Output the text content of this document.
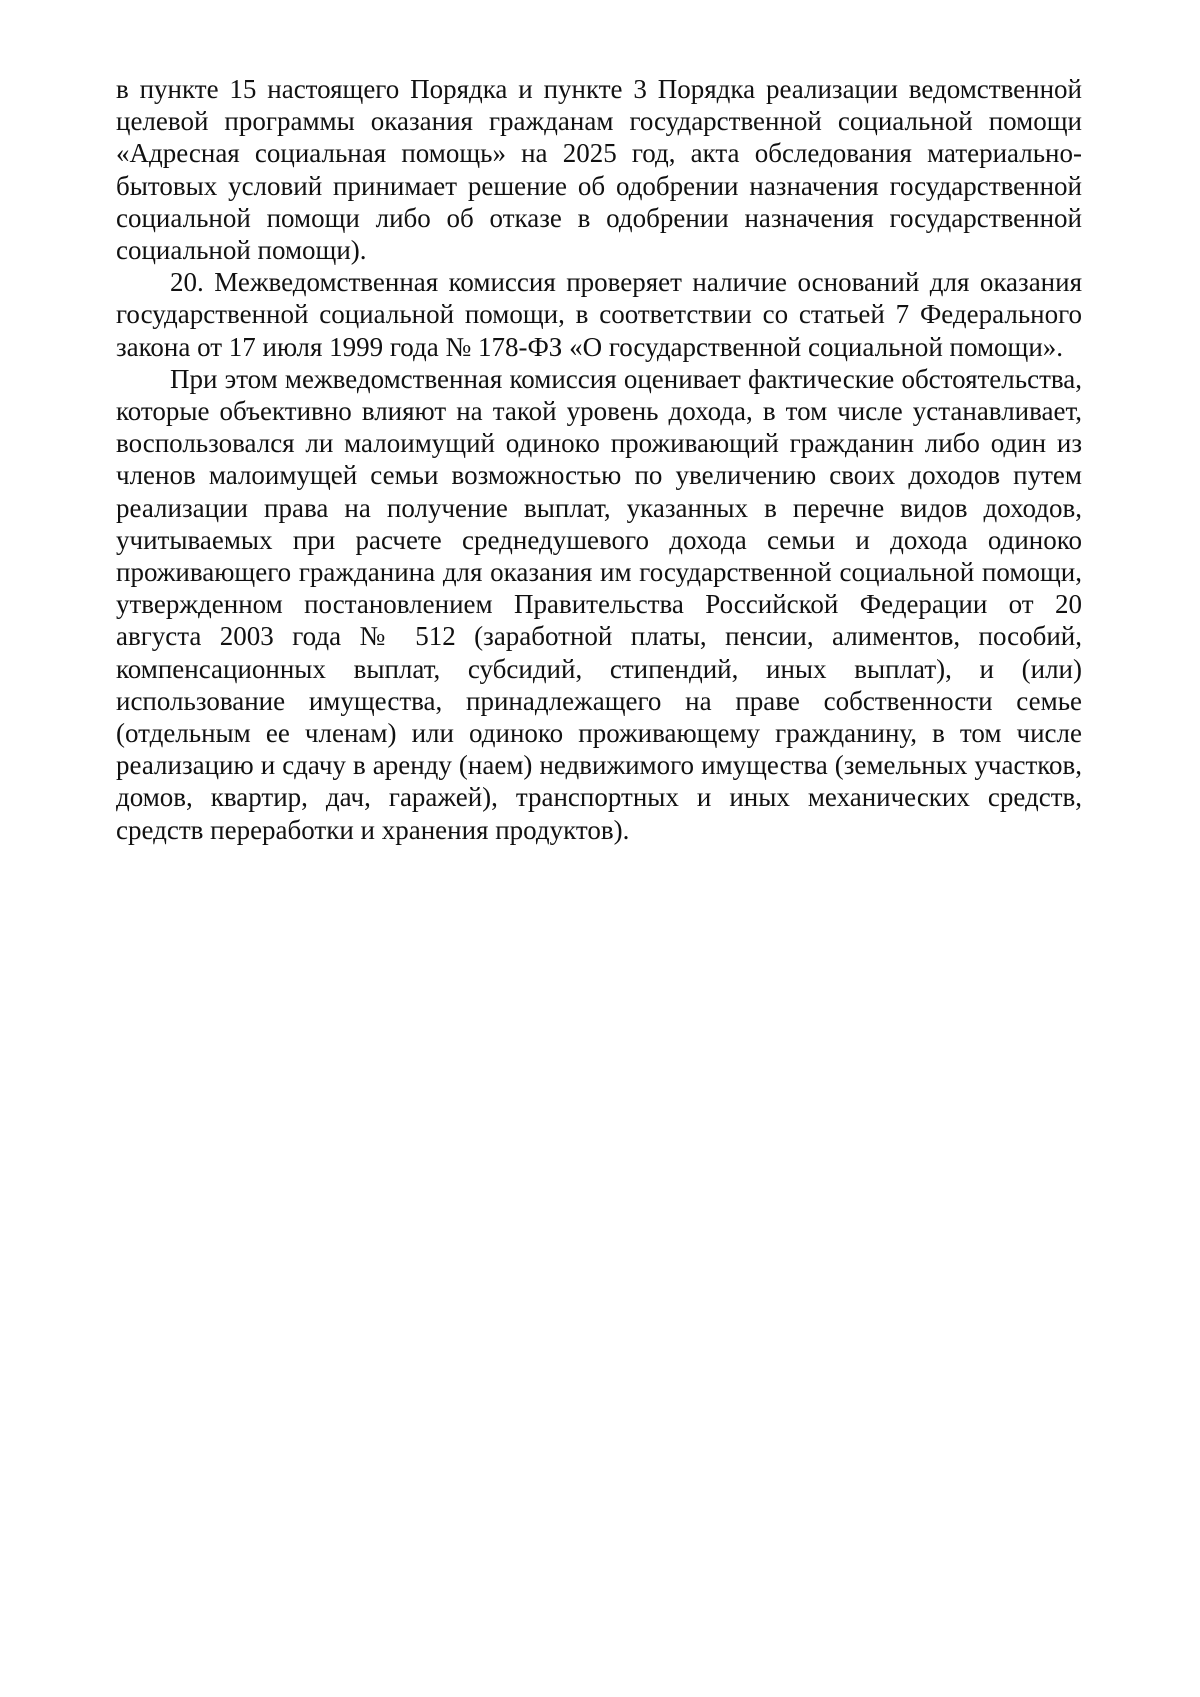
в пункте 15 настоящего Порядка и пункте 3 Порядка реализации ведомственной целевой программы оказания гражданам государственной социальной помощи «Адресная социальная помощь» на 2025 год, акта обследования материально-бытовых условий принимает решение об одобрении назначения государственной социальной помощи либо об отказе в одобрении назначения государственной социальной помощи).

20. Межведомственная комиссия проверяет наличие оснований для оказания государственной социальной помощи, в соответствии со статьей 7 Федерального закона от 17 июля 1999 года № 178-ФЗ «О государственной социальной помощи».

При этом межведомственная комиссия оценивает фактические обстоятельства, которые объективно влияют на такой уровень дохода, в том числе устанавливает, воспользовался ли малоимущий одиноко проживающий гражданин либо один из членов малоимущей семьи возможностью по увеличению своих доходов путем реализации права на получение выплат, указанных в перечне видов доходов, учитываемых при расчете среднедушевого дохода семьи и дохода одиноко проживающего гражданина для оказания им государственной социальной помощи, утвержденном постановлением Правительства Российской Федерации от 20 августа 2003 года № 512 (заработной платы, пенсии, алиментов, пособий, компенсационных выплат, субсидий, стипендий, иных выплат), и (или) использование имущества, принадлежащего на праве собственности семье (отдельным ее членам) или одиноко проживающему гражданину, в том числе реализацию и сдачу в аренду (наем) недвижимого имущества (земельных участков, домов, квартир, дач, гаражей), транспортных и иных механических средств, средств переработки и хранения продуктов).
